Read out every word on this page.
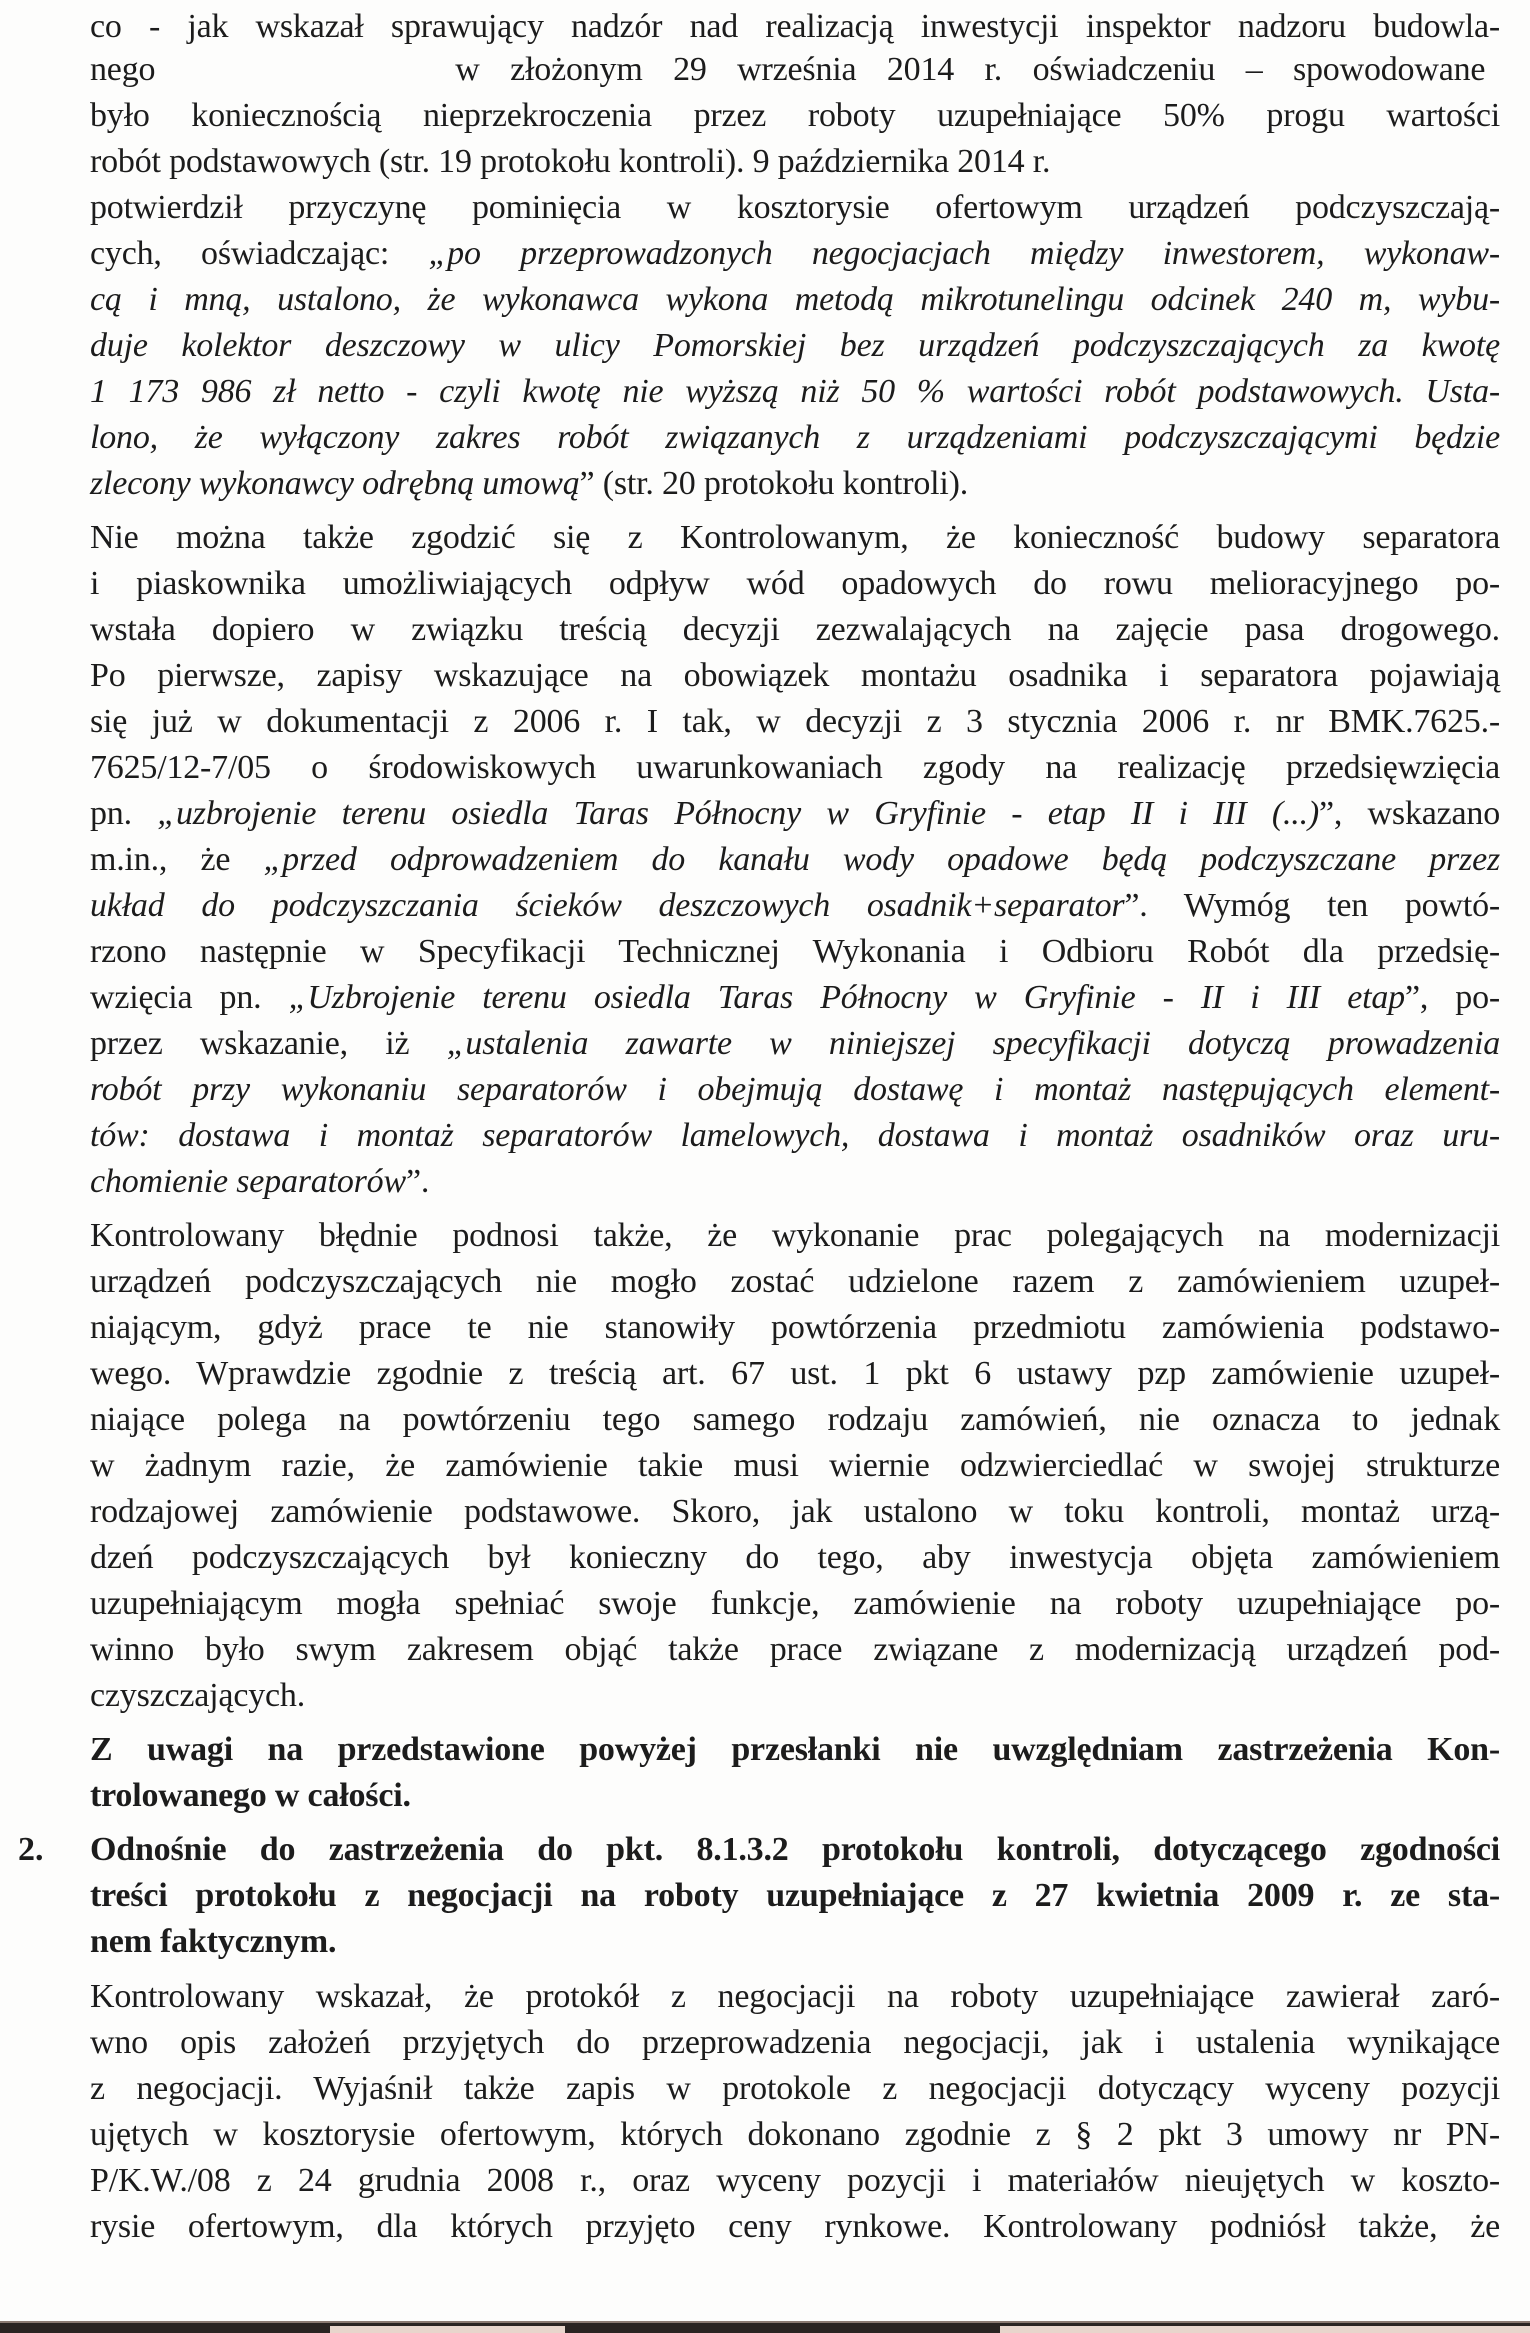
co - jak wskazał sprawujący nadzór nad realizacją inwestycji inspektor nadzoru budowla-
nego	w złożonym 29 września 2014 r. oświadczeniu – spowodowane
było koniecznością nieprzekroczenia przez roboty uzupełniające 50% progu wartości
robót podstawowych (str. 19 protokołu kontroli). 9 października 2014 r.
potwierdził przyczynę pominięcia w kosztorysie ofertowym urządzeń podczyszczają-
cych, oświadczając: „po przeprowadzonych negocjacjach między inwestorem, wykonaw-
cą i mną, ustalono, że wykonawca wykona metodą mikrotunelingu odcinek 240 m, wybu-
duje kolektor deszczowy w ulicy Pomorskiej bez urządzeń podczyszczających za kwotę
1 173 986 zł netto - czyli kwotę nie wyższą niż 50 % wartości robót podstawowych. Usta-
lono, że wyłączony zakres robót związanych z urządzeniami podczyszczającymi będzie
zlecony wykonawcy odrębną umową” (str. 20 protokołu kontroli).
Nie można także zgodzić się z Kontrolowanym, że konieczność budowy separatora
i piaskownika umożliwiających odpływ wód opadowych do rowu melioracyjnego po-
wstała dopiero w związku treścią decyzji zezwalających na zajęcie pasa drogowego.
Po pierwsze, zapisy wskazujące na obowiązek montażu osadnika i separatora pojawiają
się już w dokumentacji z 2006 r. I tak, w decyzji z 3 stycznia 2006 r. nr BMK.7625.-
7625/12-7/05 o środowiskowych uwarunkowaniach zgody na realizację przedsięwzięcia
pn. „uzbrojenie terenu osiedla Taras Północny w Gryfinie - etap II i III (...)”, wskazano
m.in., że „przed odprowadzeniem do kanału wody opadowe będą podczyszczane przez
układ do podczyszczania ścieków deszczowych osadnik+separator”. Wymóg ten powtó-
rzono następnie w Specyfikacji Technicznej Wykonania i Odbioru Robót dla przedsię-
wzięcia pn. „Uzbrojenie terenu osiedla Taras Północny w Gryfinie - II i III etap”, po-
przez wskazanie, iż „ustalenia zawarte w niniejszej specyfikacji dotyczą prowadzenia
robót przy wykonaniu separatorów i obejmują dostawę i montaż następujących element-
tów: dostawa i montaż separatorów lamelowych, dostawa i montaż osadników oraz uru-
chomienie separatorów”.
Kontrolowany błędnie podnosi także, że wykonanie prac polegających na modernizacji
urządzeń podczyszczających nie mogło zostać udzielone razem z zamówieniem uzupeł-
niającym, gdyż prace te nie stanowiły powtórzenia przedmiotu zamówienia podstawo-
wego. Wprawdzie zgodnie z treścią art. 67 ust. 1 pkt 6 ustawy pzp zamówienie uzupeł-
niające polega na powtórzeniu tego samego rodzaju zamówień, nie oznacza to jednak
w żadnym razie, że zamówienie takie musi wiernie odzwierciedlać w swojej strukturze
rodzajowej zamówienie podstawowe. Skoro, jak ustalono w toku kontroli, montaż urzą-
dzeń podczyszczających był konieczny do tego, aby inwestycja objęta zamówieniem
uzupełniającym mogła spełniać swoje funkcje, zamówienie na roboty uzupełniające po-
winno było swym zakresem objąć także prace związane z modernizacją urządzeń pod-
czyszczających.
Z uwagi na przedstawione powyżej przesłanki nie uwzględniam zastrzeżenia Kon-
trolowanego w całości.
2. Odnośnie do zastrzeżenia do pkt. 8.1.3.2 protokołu kontroli, dotyczącego zgodności
treści protokołu z negocjacji na roboty uzupełniające z 27 kwietnia 2009 r. ze sta-
nem faktycznym.
Kontrolowany wskazał, że protokół z negocjacji na roboty uzupełniające zawierał zaró-
wno opis założeń przyjętych do przeprowadzenia negocjacji, jak i ustalenia wynikające
z negocjacji. Wyjaśnił także zapis w protokole z negocjacji dotyczący wyceny pozycji
ujętych w kosztorysie ofertowym, których dokonano zgodnie z § 2 pkt 3 umowy nr PN-
P/K.W./08 z 24 grudnia 2008 r., oraz wyceny pozycji i materiałów nieujętych w koszto-
rysie ofertowym, dla których przyjęto ceny rynkowe. Kontrolowany podniósł także, że
